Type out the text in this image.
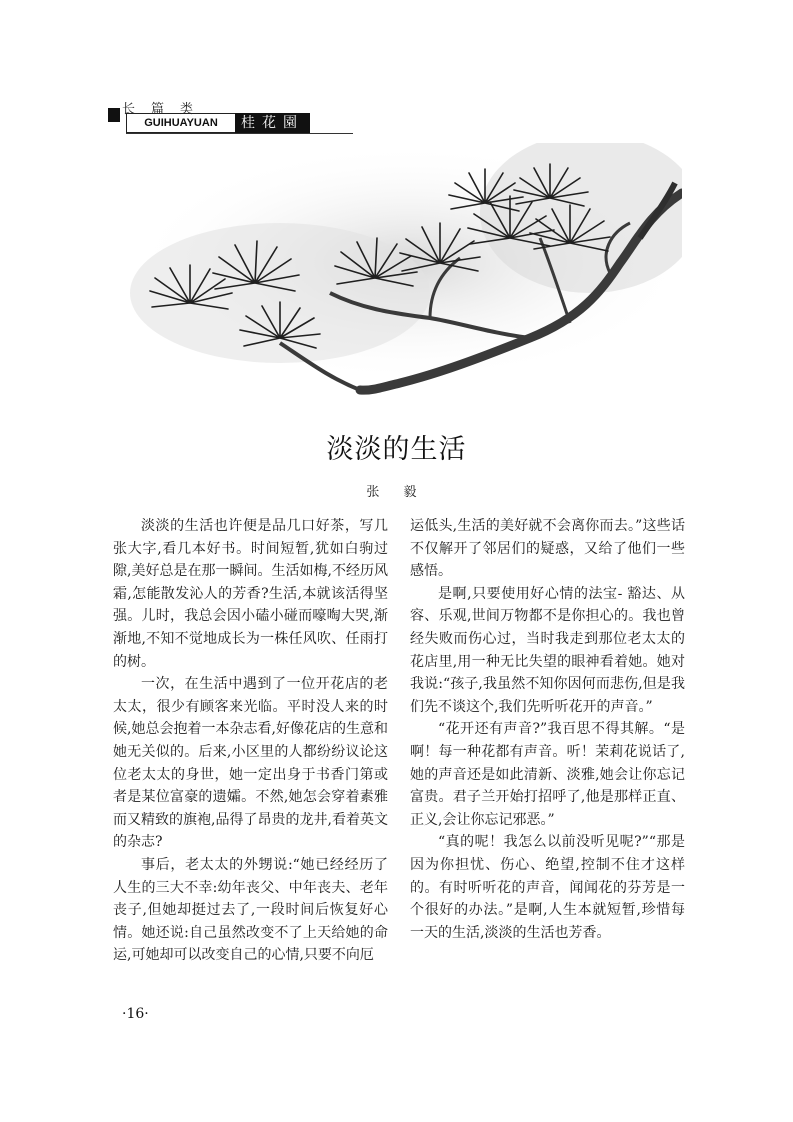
长篇类
GUIHUAYUAN	桂花園
淡淡的生活
张 毅

淡淡的生活也许便是品几口好茶，写几张大字,看几本好书。时间短暂,犹如白驹过隙,美好总是在那一瞬间。生活如梅,不经历风霜,怎能散发沁人的芳香?生活,本就该活得坚强。儿时，我总会因小磕小碰而嚎啕大哭,渐渐地,不知不觉地成长为一株任风吹、任雨打的树。

一次，在生活中遇到了一位开花店的老太太，很少有顾客来光临。平时没人来的时候,她总会抱着一本杂志看,好像花店的生意和她无关似的。后来,小区里的人都纷纷议论这位老太太的身世，她一定出身于书香门第或者是某位富豪的遗孀。不然,她怎会穿着素雅而又精致的旗袍,品得了昂贵的龙井,看着英文的杂志?

事后，老太太的外甥说:“她已经经历了人生的三大不幸:幼年丧父、中年丧夫、老年丧子,但她却挺过去了,一段时间后恢复好心情。她还说:自己虽然改变不了上天给她的命运,可她却可以改变自己的心情,只要不向厄

运低头,生活的美好就不会离你而去。”这些话不仅解开了邻居们的疑惑，又给了他们一些感悟。

是啊,只要使用好心情的法宝- 豁达、从容、乐观,世间万物都不是你担心的。我也曾经失败而伤心过，当时我走到那位老太太的花店里,用一种无比失望的眼神看着她。她对我说:“孩子,我虽然不知你因何而悲伤,但是我们先不谈这个,我们先听听花开的声音。”

“花开还有声音?”我百思不得其解。“是啊！每一种花都有声音。听！茉莉花说话了,她的声音还是如此清新、淡雅,她会让你忘记富贵。君子兰开始打招呼了,他是那样正直、正义,会让你忘记邪恶。”

“真的呢！我怎么以前没听见呢?”“那是因为你担忧、伤心、绝望,控制不住才这样的。有时听听花的声音，闻闻花的芬芳是一个很好的办法。”是啊,人生本就短暂,珍惜每一天的生活,淡淡的生活也芳香。

·16·
